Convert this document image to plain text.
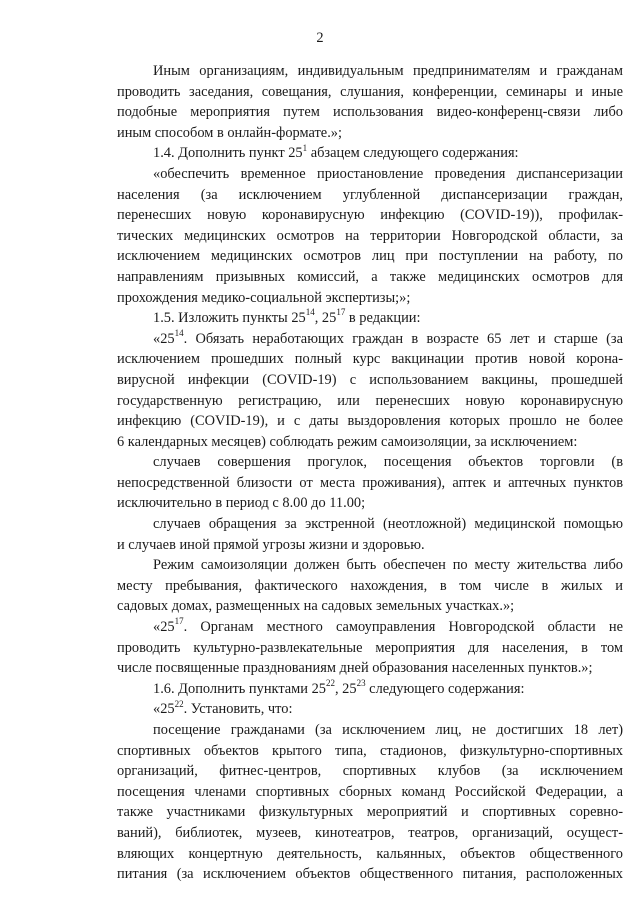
2
Иным организациям, индивидуальным предпринимателям и гражданам
проводить заседания, совещания, слушания, конференции, семинары и иные
подобные мероприятия путем использования видео-конференц-связи либо
иным способом в онлайн-формате.»;
1.4. Дополнить пункт $25^1$ абзацем следующего содержания:
«обеспечить временное приостановление проведения диспансеризации
населения (за исключением углубленной диспансеризации граждан,
перенесших новую коронавирусную инфекцию (COVID-19)), профилак-
тических медицинских осмотров на территории Новгородской области, за
исключением медицинских осмотров лиц при поступлении на работу, по
направлениям призывных комиссий, а также медицинских осмотров для
прохождения медико-социальной экспертизы;»;
1.5. Изложить пункты $25^{14}$, $25^{17}$ в редакции:
«$25^{14}$. Обязать неработающих граждан в возрасте 65 лет и старше (за
исключением прошедших полный курс вакцинации против новой корона-
вирусной инфекции (COVID-19) с использованием вакцины, прошедшей
государственную регистрацию, или перенесших новую коронавирусную
инфекцию (COVID-19), и с даты выздоровления которых прошло не более
6 календарных месяцев) соблюдать режим самоизоляции, за исключением:
случаев совершения прогулок, посещения объектов торговли (в
непосредственной близости от места проживания), аптек и аптечных пунктов
исключительно в период с 8.00 до 11.00;
случаев обращения за экстренной (неотложной) медицинской помощью
и случаев иной прямой угрозы жизни и здоровью.
Режим самоизоляции должен быть обеспечен по месту жительства либо
месту пребывания, фактического нахождения, в том числе в жилых и
садовых домах, размещенных на садовых земельных участках.»;
«$25^{17}$. Органам местного самоуправления Новгородской области не
проводить культурно-развлекательные мероприятия для населения, в том
числе посвященные празднованиям дней образования населенных пунктов.»;
1.6. Дополнить пунктами $25^{22}$, $25^{23}$ следующего содержания:
«$25^{22}$. Установить, что:
посещение гражданами (за исключением лиц, не достигших 18 лет)
спортивных объектов крытого типа, стадионов, физкультурно-спортивных
организаций, фитнес-центров, спортивных клубов (за исключением
посещения членами спортивных сборных команд Российской Федерации, а
также участниками физкультурных мероприятий и спортивных соревно-
ваний), библиотек, музеев, кинотеатров, театров, организаций, осущест-
вляющих концертную деятельность, кальянных, объектов общественного
питания (за исключением объектов общественного питания, расположенных
